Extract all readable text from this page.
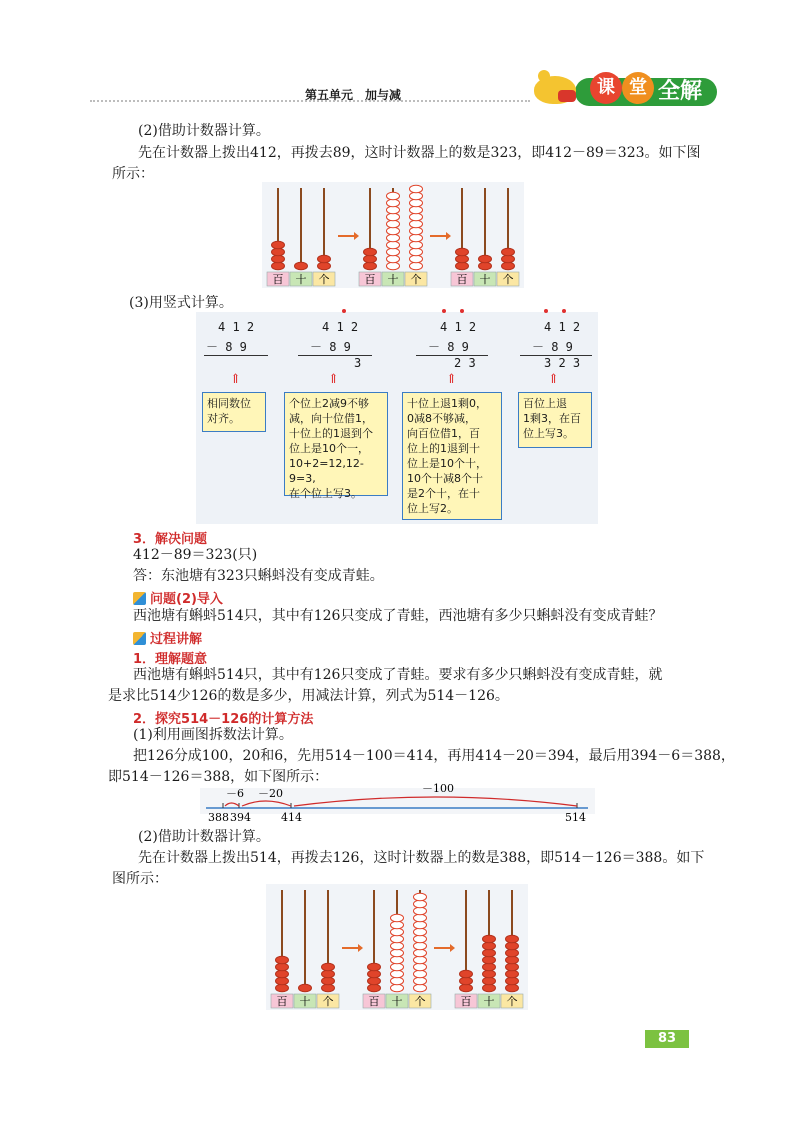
第五单元　加与减	课 堂 全解
(2)借助计数器计算。
先在计数器上拨出412，再拨去89，这时计数器上的数是323，即412－89＝323。如下图
所示：
百 十 个	百 十 个	百 十 个
(3)用竖式计算。
4 1 2
－ 8 9
⇑
4 1 2
－ 8 9
3
⇑
4 1 2
－ 8 9
2 3
⇑
4 1 2
－ 8 9
3 2 3
⇑
相同数位
对齐。
个位上2减9不够
减，向十位借1，
十位上的1退到个
位上是10个一，
10+2=12,12-9=3,
在个位上写3。
十位上退1剩0，
0减8不够减，
向百位借1，百
位上的1退到十
位上是10个十，
10个十减8个十
是2个十，在十
位上写2。
百位上退
1剩3，在百
位上写3。
3．解决问题
412－89＝323(只)
答：东池塘有323只蝌蚪没有变成青蛙。
问题(2)导入
西池塘有蝌蚪514只，其中有126只变成了青蛙，西池塘有多少只蝌蚪没有变成青蛙？
过程讲解
1．理解题意
西池塘有蝌蚪514只，其中有126只变成了青蛙。要求有多少只蝌蚪没有变成青蛙，就
是求比514少126的数是多少，用减法计算，列式为514－126。
2．探究514－126的计算方法
(1)利用画图拆数法计算。
把126分成100，20和6，先用514－100＝414，再用414－20＝394，最后用394－6＝388，
即514－126＝388，如下图所示：
－6 －20	－100
388 394	414	514
(2)借助计数器计算。
先在计数器上拨出514，再拨去126，这时计数器上的数是388，即514－126＝388。如下
图所示：
百 十 个	百 十 个	百 十 个
83
